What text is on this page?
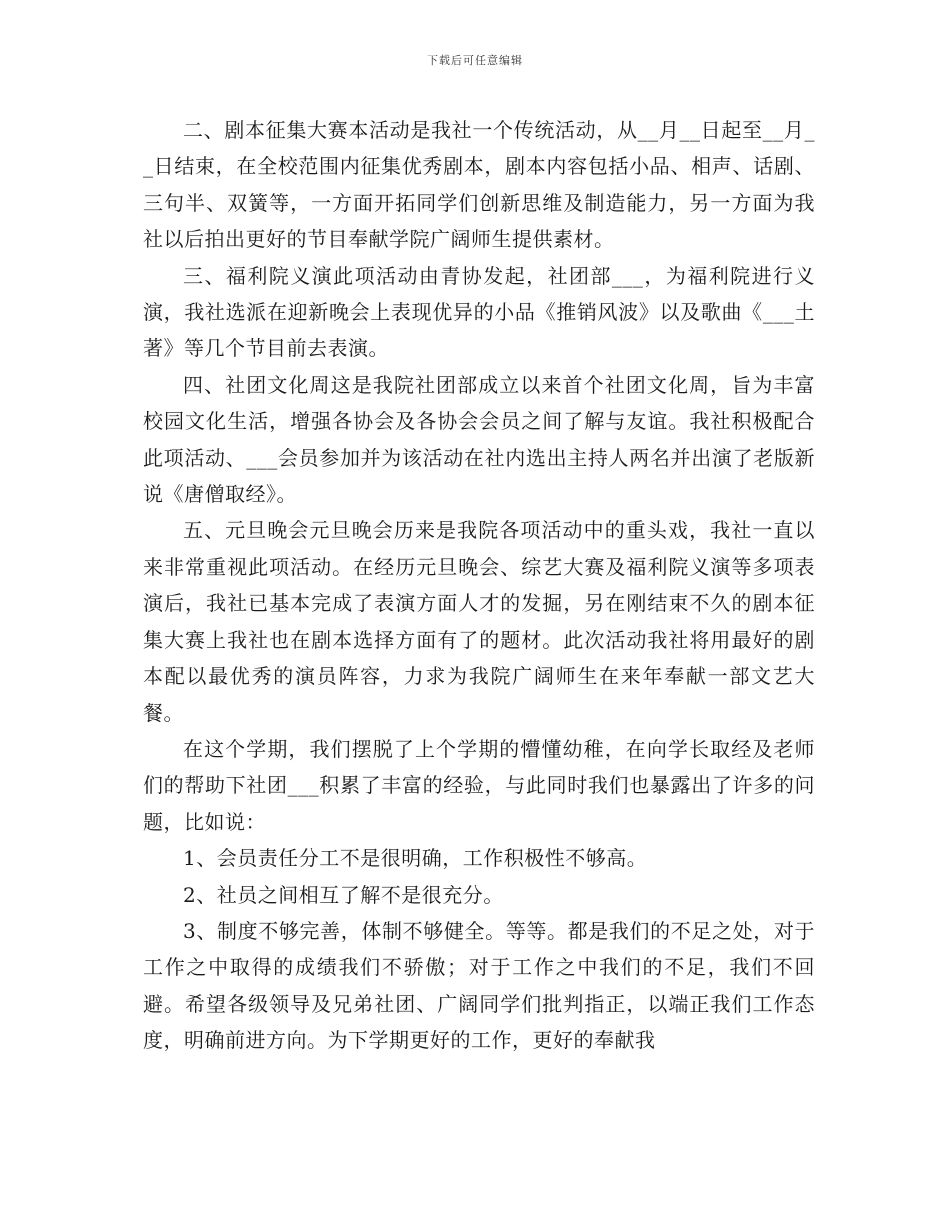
下载后可任意编辑

二、剧本征集大赛本活动是我社一个传统活动，从__月__日起至__月__日结束，在全校范围内征集优秀剧本，剧本内容包括小品、相声、话剧、三句半、双簧等，一方面开拓同学们创新思维及制造能力，另一方面为我社以后拍出更好的节目奉献学院广阔师生提供素材。

三、福利院义演此项活动由青协发起，社团部___，为福利院进行义演，我社选派在迎新晚会上表现优异的小品《推销风波》以及歌曲《___土著》等几个节目前去表演。

四、社团文化周这是我院社团部成立以来首个社团文化周，旨为丰富校园文化生活，增强各协会及各协会会员之间了解与友谊。我社积极配合此项活动、___会员参加并为该活动在社内选出主持人两名并出演了老版新说《唐僧取经》。

五、元旦晚会元旦晚会历来是我院各项活动中的重头戏，我社一直以来非常重视此项活动。在经历元旦晚会、综艺大赛及福利院义演等多项表演后，我社已基本完成了表演方面人才的发掘，另在刚结束不久的剧本征集大赛上我社也在剧本选择方面有了的题材。此次活动我社将用最好的剧本配以最优秀的演员阵容，力求为我院广阔师生在来年奉献一部文艺大餐。

在这个学期，我们摆脱了上个学期的懵懂幼稚，在向学长取经及老师们的帮助下社团___积累了丰富的经验，与此同时我们也暴露出了许多的问题，比如说：

1、会员责任分工不是很明确，工作积极性不够高。

2、社员之间相互了解不是很充分。

3、制度不够完善，体制不够健全。等等。都是我们的不足之处，对于工作之中取得的成绩我们不骄傲；对于工作之中我们的不足，我们不回避。希望各级领导及兄弟社团、广阔同学们批判指正，以端正我们工作态度，明确前进方向。为下学期更好的工作，更好的奉献我
